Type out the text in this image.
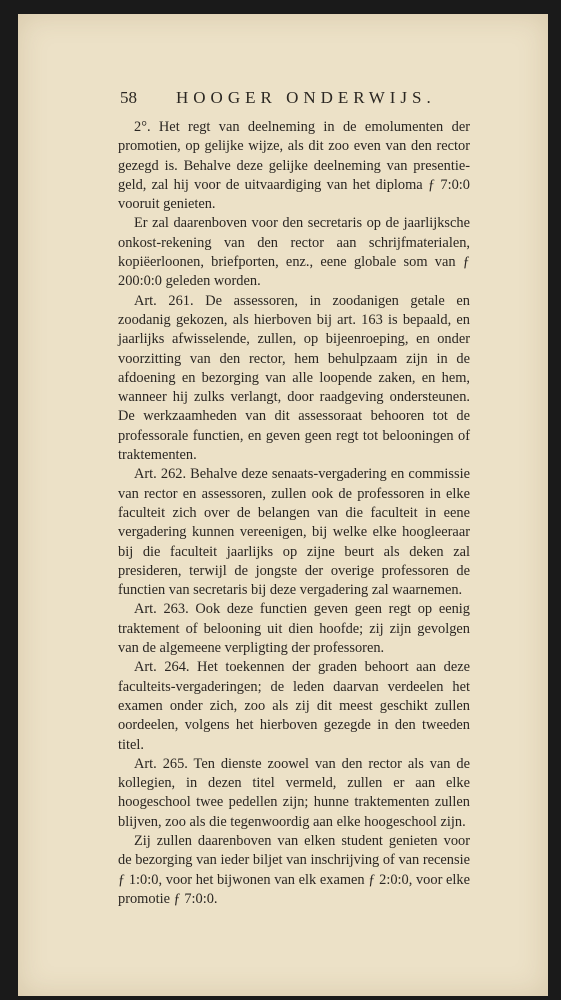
58 HOOGER ONDERWIJS.

2°. Het regt van deelneming in de emolumenten der promotien, op gelijke wijze, als dit zoo even van den rector gezegd is. Behalve deze gelijke deelneming van presentie-geld, zal hij voor de uitvaardiging van het diploma ƒ 7:0:0 vooruit genieten.

Er zal daarenboven voor den secretaris op de jaarlijksche onkost-rekening van den rector aan schrijfmaterialen, kopiëerloonen, briefporten, enz., eene globale som van ƒ 200:0:0 geleden worden.

Art. 261. De assessoren, in zoodanigen getale en zoodanig gekozen, als hierboven bij art. 163 is bepaald, en jaarlijks afwisselende, zullen, op bijeenroeping, en onder voorzitting van den rector, hem behulpzaam zijn in de afdoening en bezorging van alle loopende zaken, en hem, wanneer hij zulks verlangt, door raadgeving ondersteunen. De werkzaamheden van dit assessoraat behooren tot de professorale functien, en geven geen regt tot belooningen of traktementen.

Art. 262. Behalve deze senaats-vergadering en commissie van rector en assessoren, zullen ook de professoren in elke faculteit zich over de belangen van die faculteit in eene vergadering kunnen vereenigen, bij welke elke hoogleeraar bij die faculteit jaarlijks op zijne beurt als deken zal presideren, terwijl de jongste der overige professoren de functien van secretaris bij deze vergadering zal waarnemen.

Art. 263. Ook deze functien geven geen regt op eenig traktement of belooning uit dien hoofde; zij zijn gevolgen van de algemeene verpligting der professoren.

Art. 264. Het toekennen der graden behoort aan deze faculteits-vergaderingen; de leden daarvan verdeelen het examen onder zich, zoo als zij dit meest geschikt zullen oordeelen, volgens het hierboven gezegde in den tweeden titel.

Art. 265. Ten dienste zoowel van den rector als van de kollegien, in dezen titel vermeld, zullen er aan elke hoogeschool twee pedellen zijn; hunne traktementen zullen blijven, zoo als die tegenwoordig aan elke hoogeschool zijn.

Zij zullen daarenboven van elken student genieten voor de bezorging van ieder biljet van inschrijving of van recensie ƒ 1:0:0, voor het bijwonen van elk examen ƒ 2:0:0, voor elke promotie ƒ 7:0:0.
